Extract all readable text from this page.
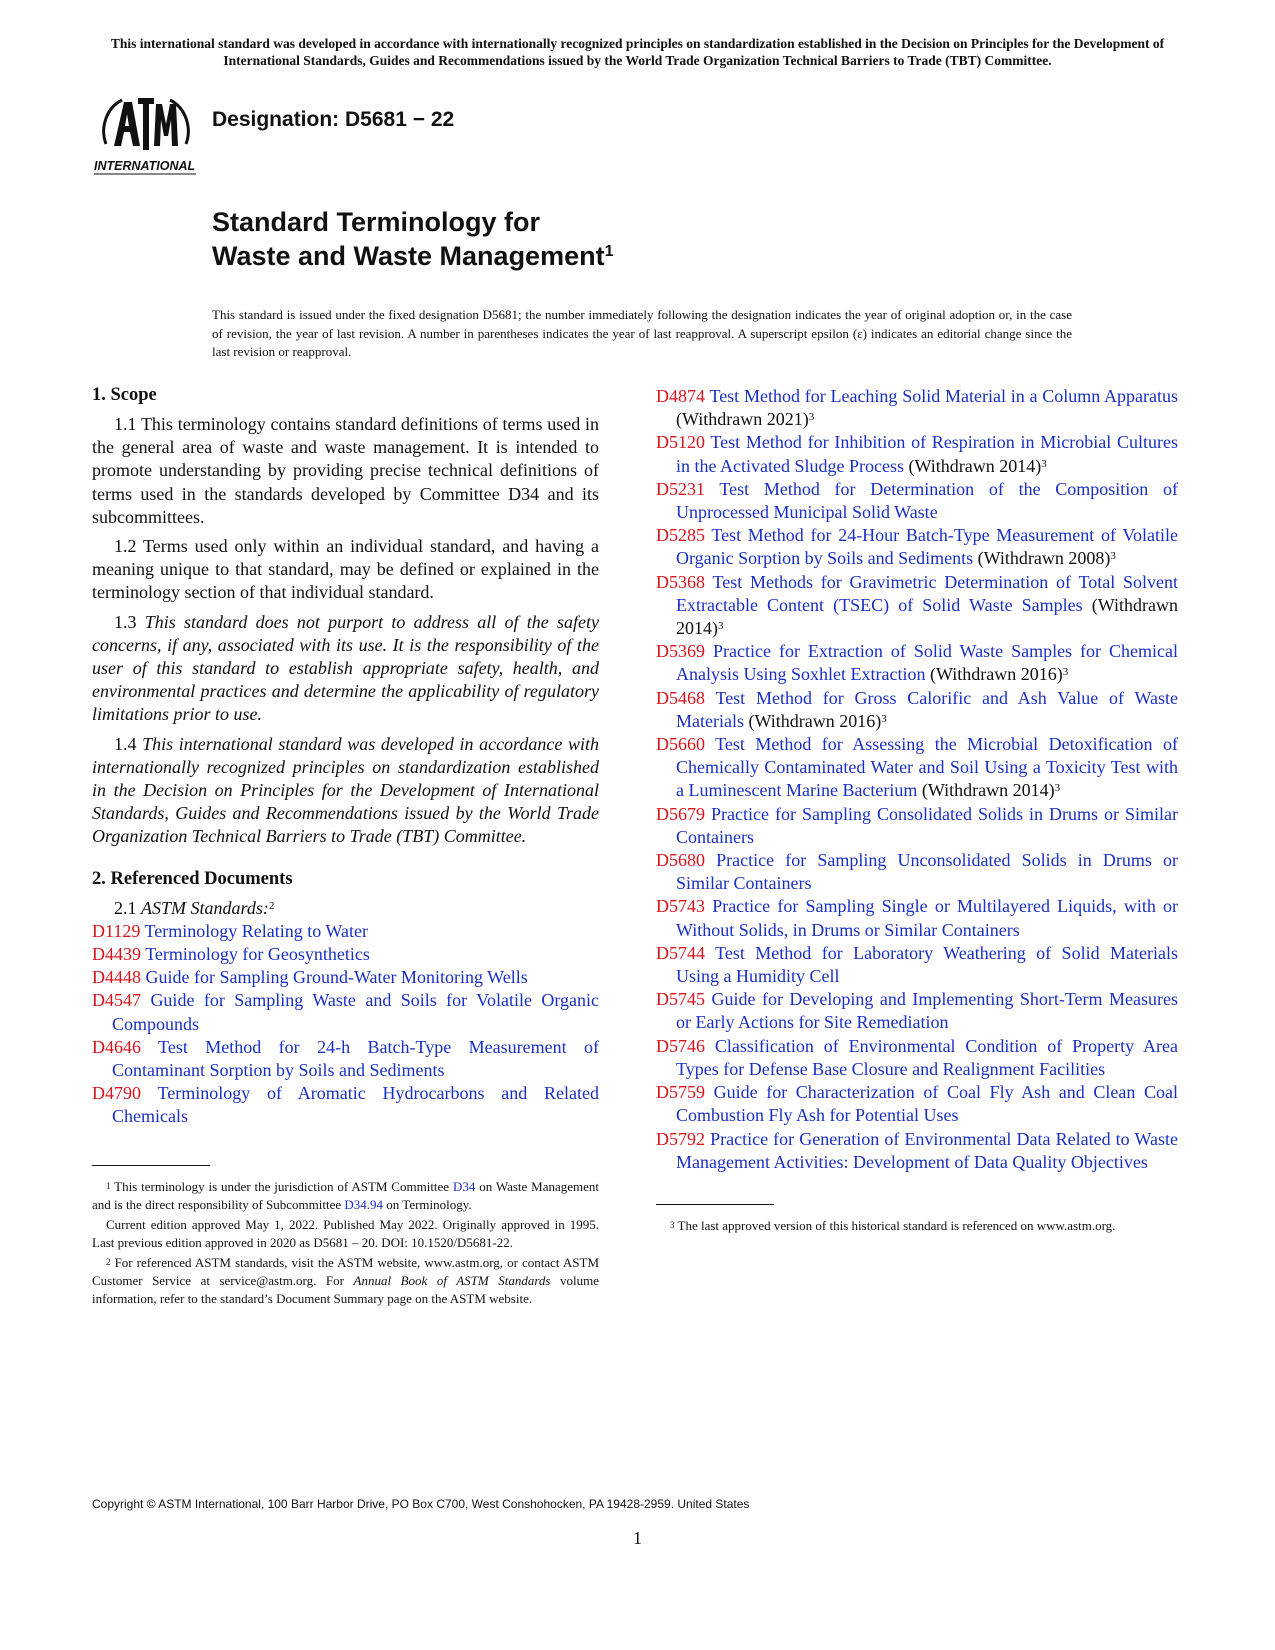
This international standard was developed in accordance with internationally recognized principles on standardization established in the Decision on Principles for the Development of International Standards, Guides and Recommendations issued by the World Trade Organization Technical Barriers to Trade (TBT) Committee.
INTERNATIONAL
Designation: D5681 − 22
Standard Terminology for
Waste and Waste Management$^1$
This standard is issued under the fixed designation D5681; the number immediately following the designation indicates the year of original adoption or, in the case of revision, the year of last revision. A number in parentheses indicates the year of last reapproval. A superscript epsilon (ε) indicates an editorial change since the last revision or reapproval.
1. Scope

1.1 This terminology contains standard definitions of terms used in the general area of waste and waste management. It is intended to promote understanding by providing precise technical definitions of terms used in the standards developed by Committee D34 and its subcommittees.

1.2 Terms used only within an individual standard, and having a meaning unique to that standard, may be defined or explained in the terminology section of that individual standard.

1.3 This standard does not purport to address all of the safety concerns, if any, associated with its use. It is the responsibility of the user of this standard to establish appropriate safety, health, and environmental practices and determine the applicability of regulatory limitations prior to use.

1.4 This international standard was developed in accordance with internationally recognized principles on standardization established in the Decision on Principles for the Development of International Standards, Guides and Recommendations issued by the World Trade Organization Technical Barriers to Trade (TBT) Committee.

2. Referenced Documents

2.1 ASTM Standards:$^2$

D1129 Terminology Relating to Water
D4439 Terminology for Geosynthetics
D4448 Guide for Sampling Ground-Water Monitoring Wells
D4547 Guide for Sampling Waste and Soils for Volatile Organic Compounds
D4646 Test Method for 24-h Batch-Type Measurement of Contaminant Sorption by Soils and Sediments
D4790 Terminology of Aromatic Hydrocarbons and Related Chemicals
$^1$ This terminology is under the jurisdiction of ASTM Committee D34 on Waste Management and is the direct responsibility of Subcommittee D34.94 on Terminology.
Current edition approved May 1, 2022. Published May 2022. Originally approved in 1995. Last previous edition approved in 2020 as D5681 – 20. DOI: 10.1520/D5681-22.
$^2$ For referenced ASTM standards, visit the ASTM website, www.astm.org, or contact ASTM Customer Service at service@astm.org. For Annual Book of ASTM Standards volume information, refer to the standard’s Document Summary page on the ASTM website.
D4874 Test Method for Leaching Solid Material in a Column Apparatus (Withdrawn 2021)$^3$
D5120 Test Method for Inhibition of Respiration in Microbial Cultures in the Activated Sludge Process (Withdrawn 2014)$^3$
D5231 Test Method for Determination of the Composition of Unprocessed Municipal Solid Waste
D5285 Test Method for 24-Hour Batch-Type Measurement of Volatile Organic Sorption by Soils and Sediments (Withdrawn 2008)$^3$
D5368 Test Methods for Gravimetric Determination of Total Solvent Extractable Content (TSEC) of Solid Waste Samples (Withdrawn 2014)$^3$
D5369 Practice for Extraction of Solid Waste Samples for Chemical Analysis Using Soxhlet Extraction (Withdrawn 2016)$^3$
D5468 Test Method for Gross Calorific and Ash Value of Waste Materials (Withdrawn 2016)$^3$
D5660 Test Method for Assessing the Microbial Detoxification of Chemically Contaminated Water and Soil Using a Toxicity Test with a Luminescent Marine Bacterium (Withdrawn 2014)$^3$
D5679 Practice for Sampling Consolidated Solids in Drums or Similar Containers
D5680 Practice for Sampling Unconsolidated Solids in Drums or Similar Containers
D5743 Practice for Sampling Single or Multilayered Liquids, with or Without Solids, in Drums or Similar Containers
D5744 Test Method for Laboratory Weathering of Solid Materials Using a Humidity Cell
D5745 Guide for Developing and Implementing Short-Term Measures or Early Actions for Site Remediation
D5746 Classification of Environmental Condition of Property Area Types for Defense Base Closure and Realignment Facilities
D5759 Guide for Characterization of Coal Fly Ash and Clean Coal Combustion Fly Ash for Potential Uses
D5792 Practice for Generation of Environmental Data Related to Waste Management Activities: Development of Data Quality Objectives
$^3$ The last approved version of this historical standard is referenced on www.astm.org.
Copyright © ASTM International, 100 Barr Harbor Drive, PO Box C700, West Conshohocken, PA 19428-2959. United States
1
